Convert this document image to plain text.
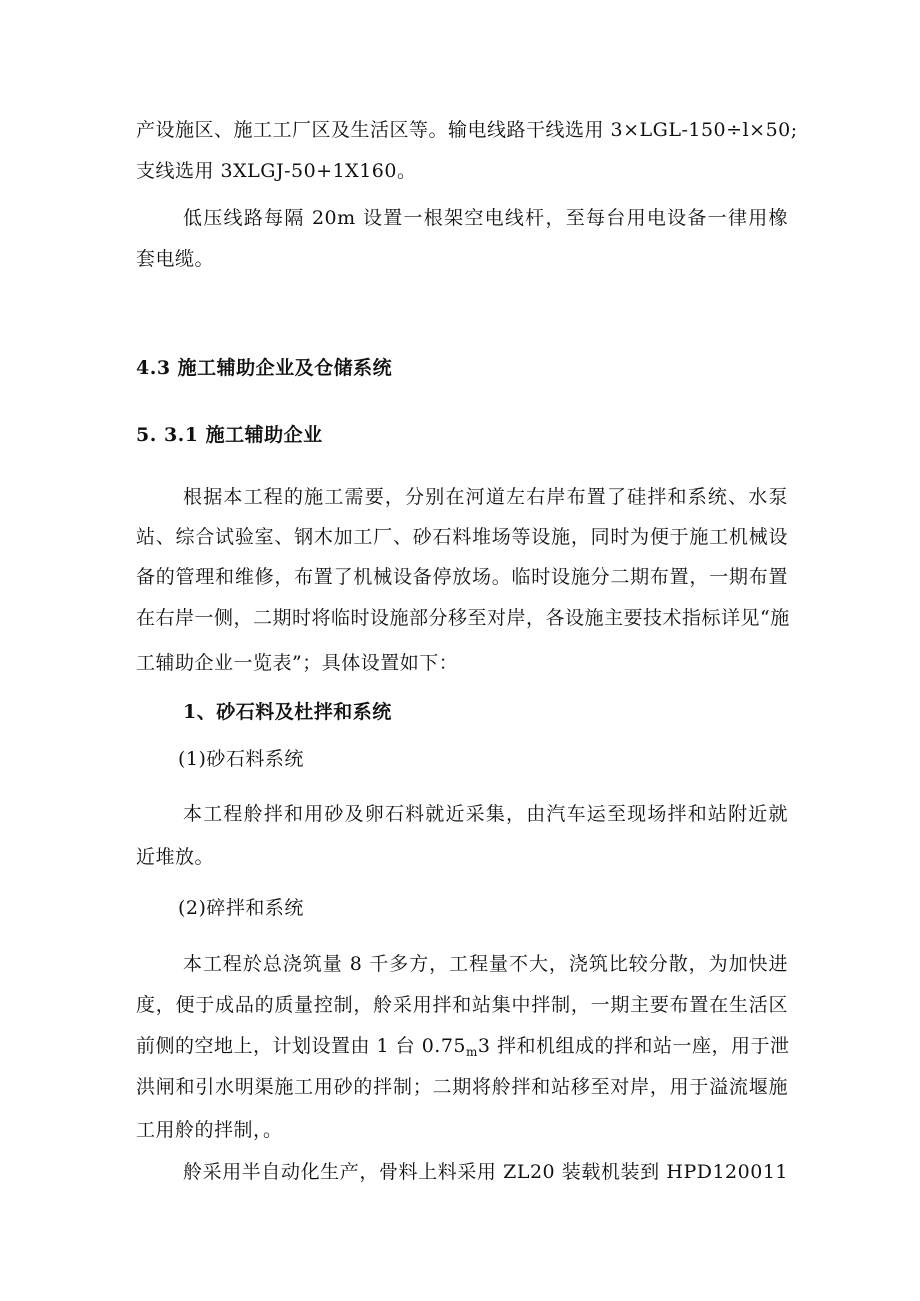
产设施区、施工工厂区及生活区等。输电线路干线选用 3×LGL-150÷l×50;
支线选用 3XLGJ-50+1X160。
低压线路每隔 20m 设置一根架空电线杆，至每台用电设备一律用橡
套电缆。
4.3 施工辅助企业及仓储系统
5. 3.1 施工辅助企业
根据本工程的施工需要，分别在河道左右岸布置了硅拌和系统、水泵
站、综合试验室、钢木加工厂、砂石料堆场等设施，同时为便于施工机械设
备的管理和维修，布置了机械设备停放场。临时设施分二期布置，一期布置
在右岸一侧，二期时将临时设施部分移至对岸，各设施主要技术指标详见“施
工辅助企业一览表”；具体设置如下：
1、砂石料及杜拌和系统
(1)砂石料系统
本工程舲拌和用砂及卵石料就近采集，由汽车运至现场拌和站附近就
近堆放。
(2)碎拌和系统
本工程於总浇筑量 8 千多方，工程量不大，浇筑比较分散，为加快进
度，便于成品的质量控制，舲采用拌和站集中拌制，一期主要布置在生活区
前侧的空地上，计划设置由 1 台 $0.75_m3$ 拌和机组成的拌和站一座，用于泄
洪闸和引水明渠施工用砂的拌制；二期将舲拌和站移至对岸，用于溢流堰施
工用舲的拌制，。
舲采用半自动化生产，骨料上料采用 ZL20 装载机装到 HPD120011
